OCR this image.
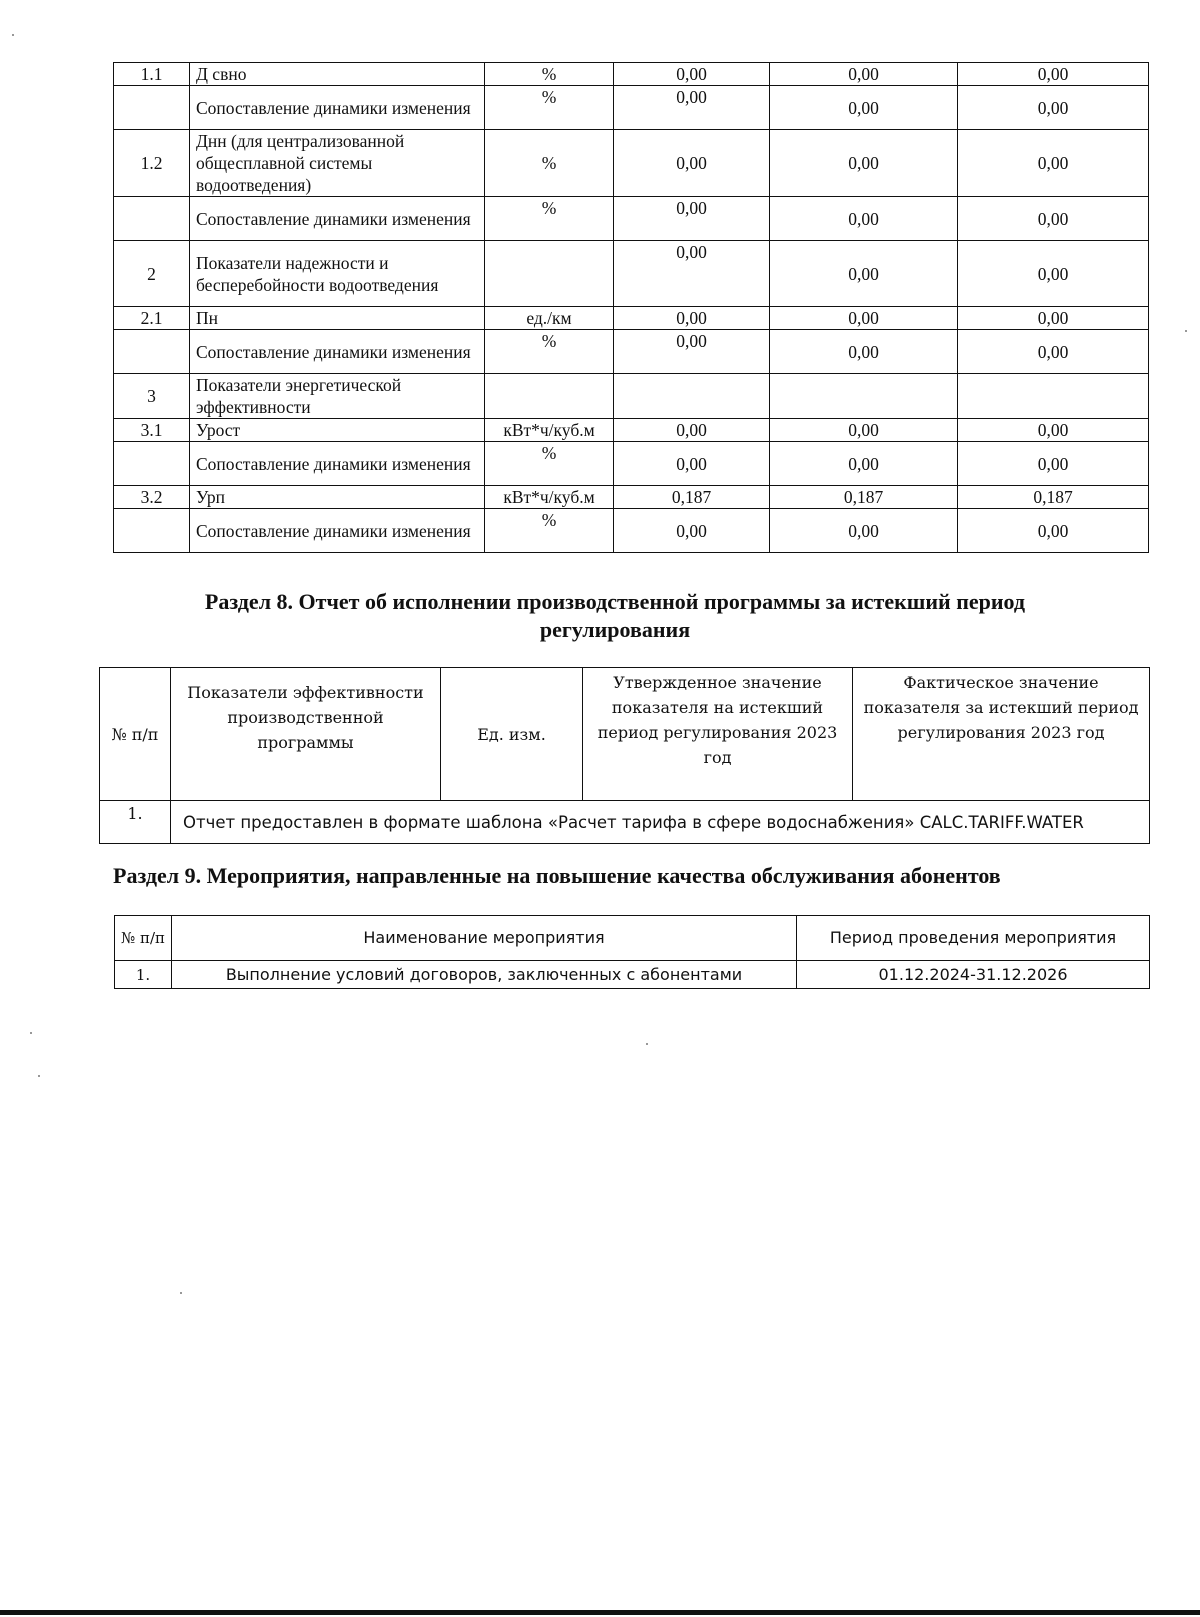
1.1	Д свно	%	0,00	0,00	0,00
	Сопоставление динамики изменения	%	0,00	0,00	0,00
1.2	Днн (для централизованной общесплавной системы водоотведения)	%	0,00	0,00	0,00
	Сопоставление динамики изменения	%	0,00	0,00	0,00
2	Показатели надежности и бесперебойности водоотведения		0,00	0,00	0,00
2.1	Пн	ед./км	0,00	0,00	0,00
	Сопоставление динамики изменения	%	0,00	0,00	0,00
3	Показатели энергетической эффективности				
3.1	Урост	кВт*ч/куб.м	0,00	0,00	0,00
	Сопоставление динамики изменения	%	0,00	0,00	0,00
3.2	Урп	кВт*ч/куб.м	0,187	0,187	0,187
	Сопоставление динамики изменения	%	0,00	0,00	0,00
Раздел 8. Отчет об исполнении производственной программы за истекший период
регулирования
№ п/п	Показатели эффективности производственной программы	Ед. изм.	Утвержденное значение показателя на истекший период регулирования 2023 год	Фактическое значение показателя за истекший период регулирования 2023 год
1.	Отчет предоставлен в формате шаблона «Расчет тарифа в сфере водоснабжения» CALC.TARIFF.WATER			
Раздел 9. Мероприятия, направленные на повышение качества обслуживания абонентов
№ п/п	Наименование мероприятия	Период проведения мероприятия
1.	Выполнение условий договоров, заключенных с абонентами	01.12.2024-31.12.2026
